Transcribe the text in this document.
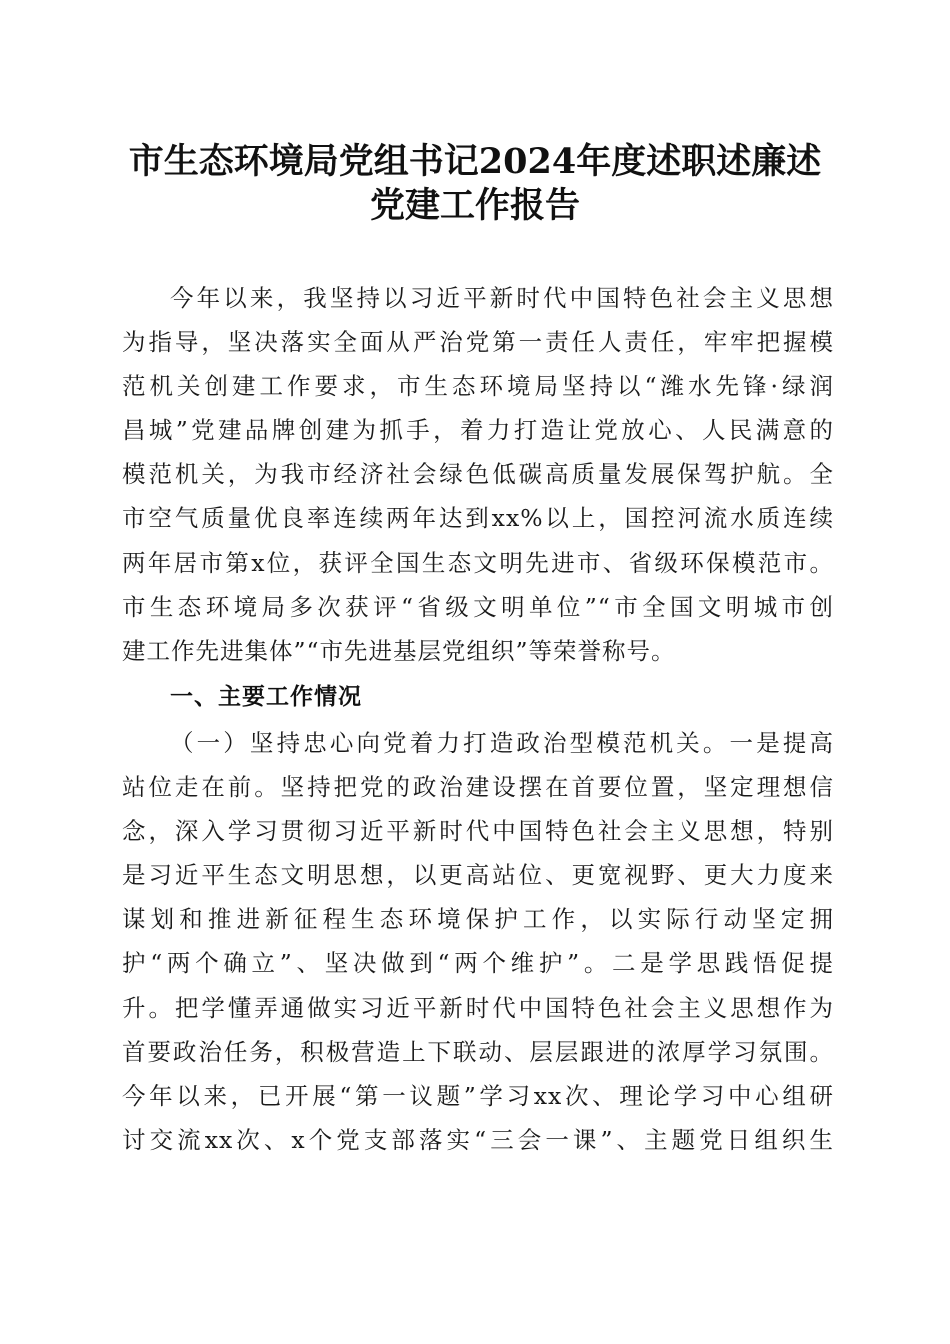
市生态环境局党组书记2024年度述职述廉述
党建工作报告
今年以来，我坚持以习近平新时代中国特色社会主义思想
为指导，坚决落实全面从严治党第一责任人责任，牢牢把握模
范机关创建工作要求，市生态环境局坚持以“潍水先锋·绿润
昌城”党建品牌创建为抓手，着力打造让党放心、人民满意的
模范机关，为我市经济社会绿色低碳高质量发展保驾护航。全
市空气质量优良率连续两年达到xx%以上，国控河流水质连续
两年居市第x位，获评全国生态文明先进市、省级环保模范市。
市生态环境局多次获评“省级文明单位”“市全国文明城市创
建工作先进集体”“市先进基层党组织”等荣誉称号。
一、主要工作情况
（一）坚持忠心向党着力打造政治型模范机关。一是提高
站位走在前。坚持把党的政治建设摆在首要位置，坚定理想信
念，深入学习贯彻习近平新时代中国特色社会主义思想，特别
是习近平生态文明思想，以更高站位、更宽视野、更大力度来
谋划和推进新征程生态环境保护工作，以实际行动坚定拥
护“两个确立”、坚决做到“两个维护”。二是学思践悟促提
升。把学懂弄通做实习近平新时代中国特色社会主义思想作为
首要政治任务，积极营造上下联动、层层跟进的浓厚学习氛围。
今年以来，已开展“第一议题”学习xx次、理论学习中心组研
讨交流xx次、x个党支部落实“三会一课”、主题党日组织生
